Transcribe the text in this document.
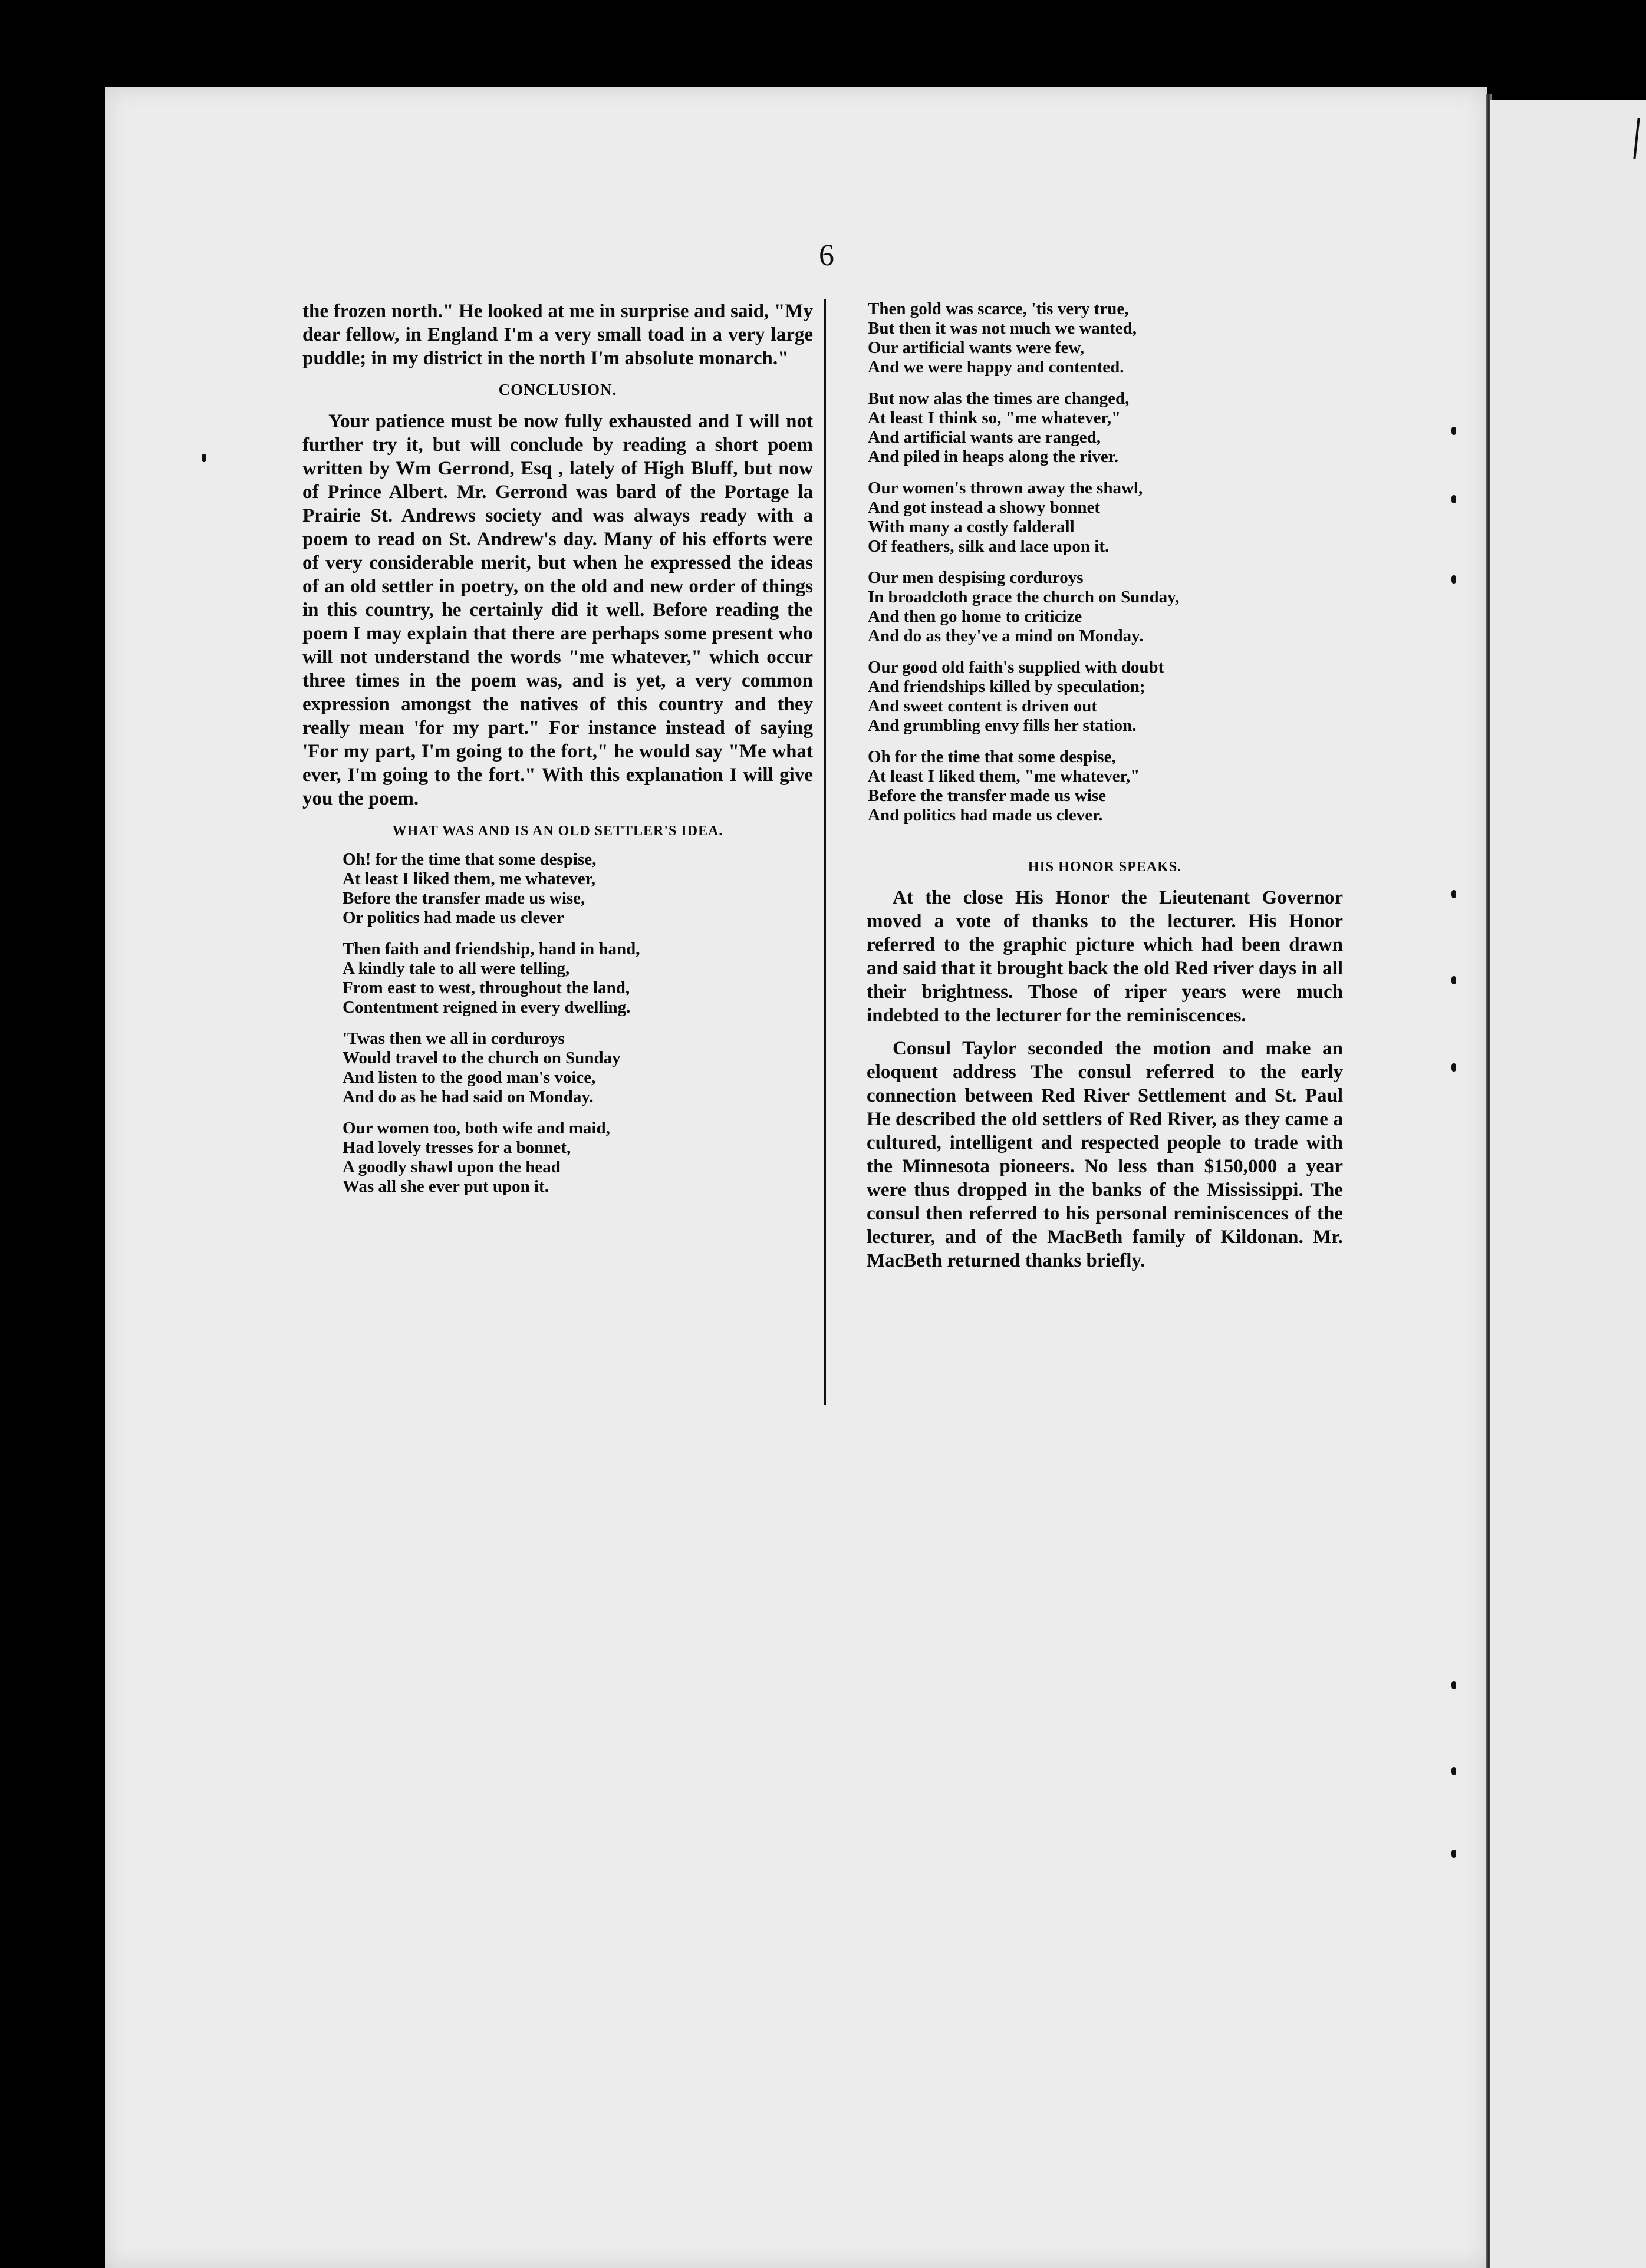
6

the frozen north." He looked at me in surprise and said, "My dear fellow, in England I'm a very small toad in a very large puddle; in my district in the north I'm absolute monarch."

CONCLUSION.

Your patience must be now fully exhausted and I will not further try it, but will conclude by reading a short poem written by Wm Gerrond, Esq , lately of High Bluff, but now of Prince Albert. Mr. Gerrond was bard of the Portage la Prairie St. Andrews society and was always ready with a poem to read on St. Andrew's day. Many of his efforts were of very considerable merit, but when he expressed the ideas of an old settler in poetry, on the old and new order of things in this country, he certainly did it well. Before reading the poem I may explain that there are perhaps some present who will not understand the words "me whatever," which occur three times in the poem was, and is yet, a very common expression amongst the natives of this country and they really mean 'for my part." For instance instead of saying 'For my part, I'm going to the fort," he would say "Me what ever, I'm going to the fort." With this explanation I will give you the poem.

WHAT WAS AND IS AN OLD SETTLER'S IDEA.
Oh! for the time that some despise,
At least I liked them, me whatever,
Before the transfer made us wise,
Or politics had made us clever
Then faith and friendship, hand in hand,
A kindly tale to all were telling,
From east to west, throughout the land,
Contentment reigned in every dwelling.
'Twas then we all in corduroys
Would travel to the church on Sunday
And listen to the good man's voice,
And do as he had said on Monday.
Our women too, both wife and maid,
Had lovely tresses for a bonnet,
A goodly shawl upon the head
Was all she ever put upon it.
Then gold was scarce, 'tis very true,
But then it was not much we wanted,
Our artificial wants were few,
And we were happy and contented.
But now alas the times are changed,
At least I think so, "me whatever,"
And artificial wants are ranged,
And piled in heaps along the river.
Our women's thrown away the shawl,
And got instead a showy bonnet
With many a costly falderall
Of feathers, silk and lace upon it.
Our men despising corduroys
In broadcloth grace the church on Sunday,
And then go home to criticize
And do as they've a mind on Monday.
Our good old faith's supplied with doubt
And friendships killed by speculation;
And sweet content is driven out
And grumbling envy fills her station.
Oh for the time that some despise,
At least I liked them, "me whatever,"
Before the transfer made us wise
And politics had made us clever.
HIS HONOR SPEAKS.

At the close His Honor the Lieutenant Governor moved a vote of thanks to the lecturer. His Honor referred to the graphic picture which had been drawn and said that it brought back the old Red river days in all their brightness. Those of riper years were much indebted to the lecturer for the reminiscences.

Consul Taylor seconded the motion and make an eloquent address The consul referred to the early connection between Red River Settlement and St. Paul He described the old settlers of Red River, as they came a cultured, intelligent and respected people to trade with the Minnesota pioneers. No less than $150,000 a year were thus dropped in the banks of the Mississippi. The consul then referred to his personal reminiscences of the lecturer, and of the MacBeth family of Kildonan. Mr. MacBeth returned thanks briefly.
